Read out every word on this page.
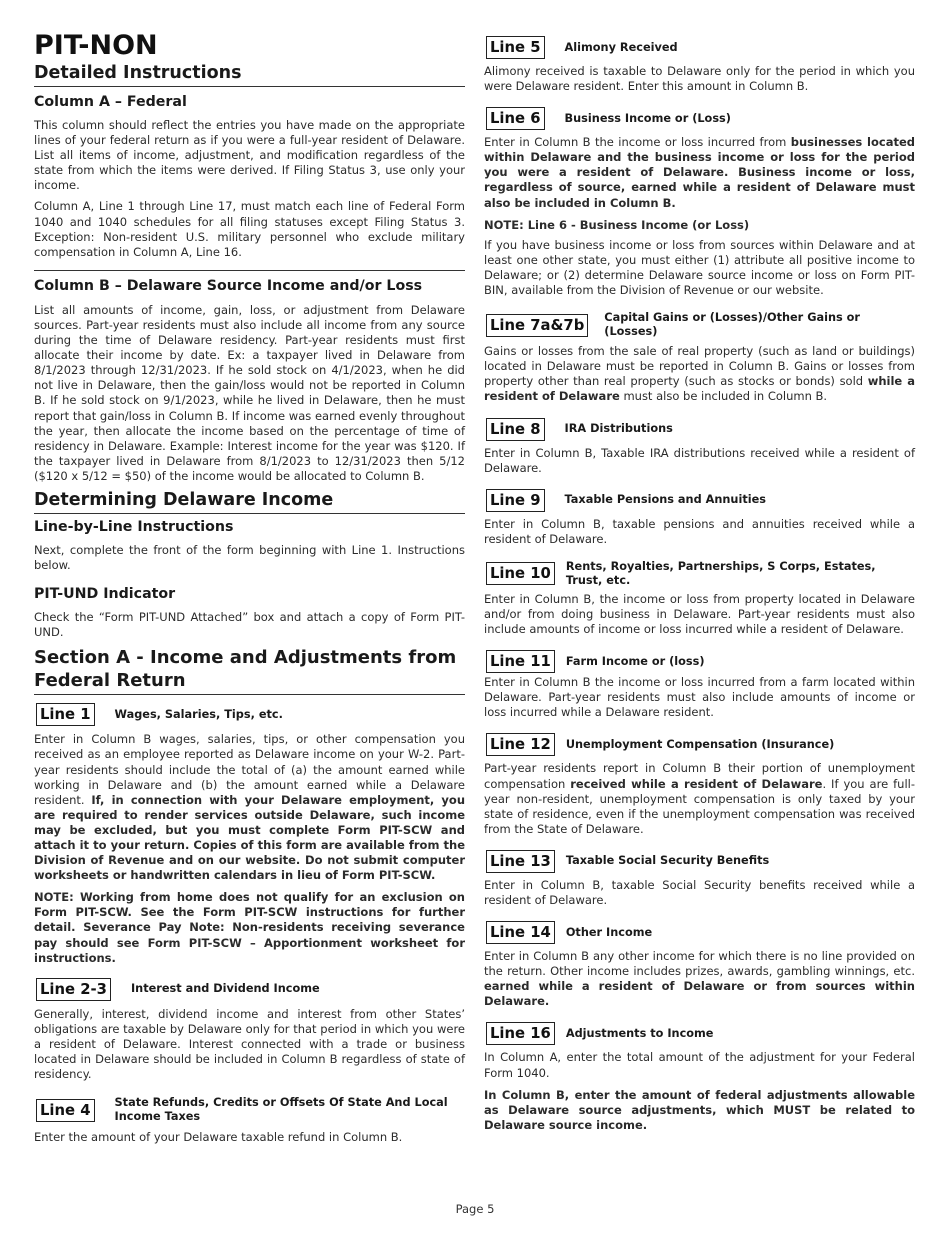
PIT-NON
Detailed Instructions
Column A – Federal

This column should reflect the entries you have made on the appropriate lines of your federal return as if you were a full-year resident of Delaware. List all items of income, adjustment, and modification regardless of the state from which the items were derived. If Filing Status 3, use only your income.

Column A, Line 1 through Line 17, must match each line of Federal Form 1040 and 1040 schedules for all filing statuses except Filing Status 3. Exception: Non-resident U.S. military personnel who exclude military compensation in Column A, Line 16.

Column B – Delaware Source Income and/or Loss

List all amounts of income, gain, loss, or adjustment from Delaware sources. Part-year residents must also include all income from any source during the time of Delaware residency. Part-year residents must first allocate their income by date. Ex: a taxpayer lived in Delaware from 8/1/2023 through 12/31/2023. If he sold stock on 4/1/2023, when he did not live in Delaware, then the gain/loss would not be reported in Column B. If he sold stock on 9/1/2023, while he lived in Delaware, then he must report that gain/loss in Column B. If income was earned evenly throughout the year, then allocate the income based on the percentage of time of residency in Delaware. Example: Interest income for the year was $120. If the taxpayer lived in Delaware from 8/1/2023 to 12/31/2023 then 5/12 ($120 x 5/12 = $50) of the income would be allocated to Column B.

Determining Delaware Income
Line-by-Line Instructions

Next, complete the front of the form beginning with Line 1. Instructions below.

PIT-UND Indicator

Check the “Form PIT-UND Attached” box and attach a copy of Form PIT-UND.

Section A - Income and Adjustments from Federal Return
Line 1	Wages, Salaries, Tips, etc.

Enter in Column B wages, salaries, tips, or other compensation you received as an employee reported as Delaware income on your W-2. Part-year residents should include the total of (a) the amount earned while working in Delaware and (b) the amount earned while a Delaware resident. If, in connection with your Delaware employment, you are required to render services outside Delaware, such income may be excluded, but you must complete Form PIT-SCW and attach it to your return. Copies of this form are available from the Division of Revenue and on our website. Do not submit computer worksheets or handwritten calendars in lieu of Form PIT-SCW.

NOTE: Working from home does not qualify for an exclusion on Form PIT-SCW. See the Form PIT-SCW instructions for further detail. Severance Pay Note: Non-residents receiving severance pay should see Form PIT-SCW – Apportionment worksheet for instructions.

Line 2-3	Interest and Dividend Income

Generally, interest, dividend income and interest from other States’ obligations are taxable by Delaware only for that period in which you were a resident of Delaware. Interest connected with a trade or business located in Delaware should be included in Column B regardless of state of residency.

Line 4	State Refunds, Credits or Offsets Of State And Local Income Taxes

Enter the amount of your Delaware taxable refund in Column B.

Line 5	Alimony Received

Alimony received is taxable to Delaware only for the period in which you were Delaware resident. Enter this amount in Column B.

Line 6	Business Income or (Loss)

Enter in Column B the income or loss incurred from businesses located within Delaware and the business income or loss for the period you were a resident of Delaware. Business income or loss, regardless of source, earned while a resident of Delaware must also be included in Column B.

NOTE: Line 6 - Business Income (or Loss)

If you have business income or loss from sources within Delaware and at least one other state, you must either (1) attribute all positive income to Delaware; or (2) determine Delaware source income or loss on Form PIT-BIN, available from the Division of Revenue or our website.

Line 7a&7b	Capital Gains or (Losses)/Other Gains or (Losses)

Gains or losses from the sale of real property (such as land or buildings) located in Delaware must be reported in Column B. Gains or losses from property other than real property (such as stocks or bonds) sold while a resident of Delaware must also be included in Column B.

Line 8	IRA Distributions

Enter in Column B, Taxable IRA distributions received while a resident of Delaware.

Line 9	Taxable Pensions and Annuities

Enter in Column B, taxable pensions and annuities received while a resident of Delaware.

Line 10	Rents, Royalties, Partnerships, S Corps, Estates, Trust, etc.

Enter in Column B, the income or loss from property located in Delaware and/or from doing business in Delaware. Part-year residents must also include amounts of income or loss incurred while a resident of Delaware.

Line 11	Farm Income or (loss)

Enter in Column B the income or loss incurred from a farm located within Delaware. Part-year residents must also include amounts of income or loss incurred while a Delaware resident.

Line 12	Unemployment Compensation (Insurance)

Part-year residents report in Column B their portion of unemployment compensation received while a resident of Delaware. If you are full-year non-resident, unemployment compensation is only taxed by your state of residence, even if the unemployment compensation was received from the State of Delaware.

Line 13	Taxable Social Security Benefits

Enter in Column B, taxable Social Security benefits received while a resident of Delaware.

Line 14	Other Income

Enter in Column B any other income for which there is no line provided on the return. Other income includes prizes, awards, gambling winnings, etc. earned while a resident of Delaware or from sources within Delaware.

Line 16	Adjustments to Income

In Column A, enter the total amount of the adjustment for your Federal Form 1040.

In Column B, enter the amount of federal adjustments allowable as Delaware source adjustments, which MUST be related to Delaware source income.

Page 5
